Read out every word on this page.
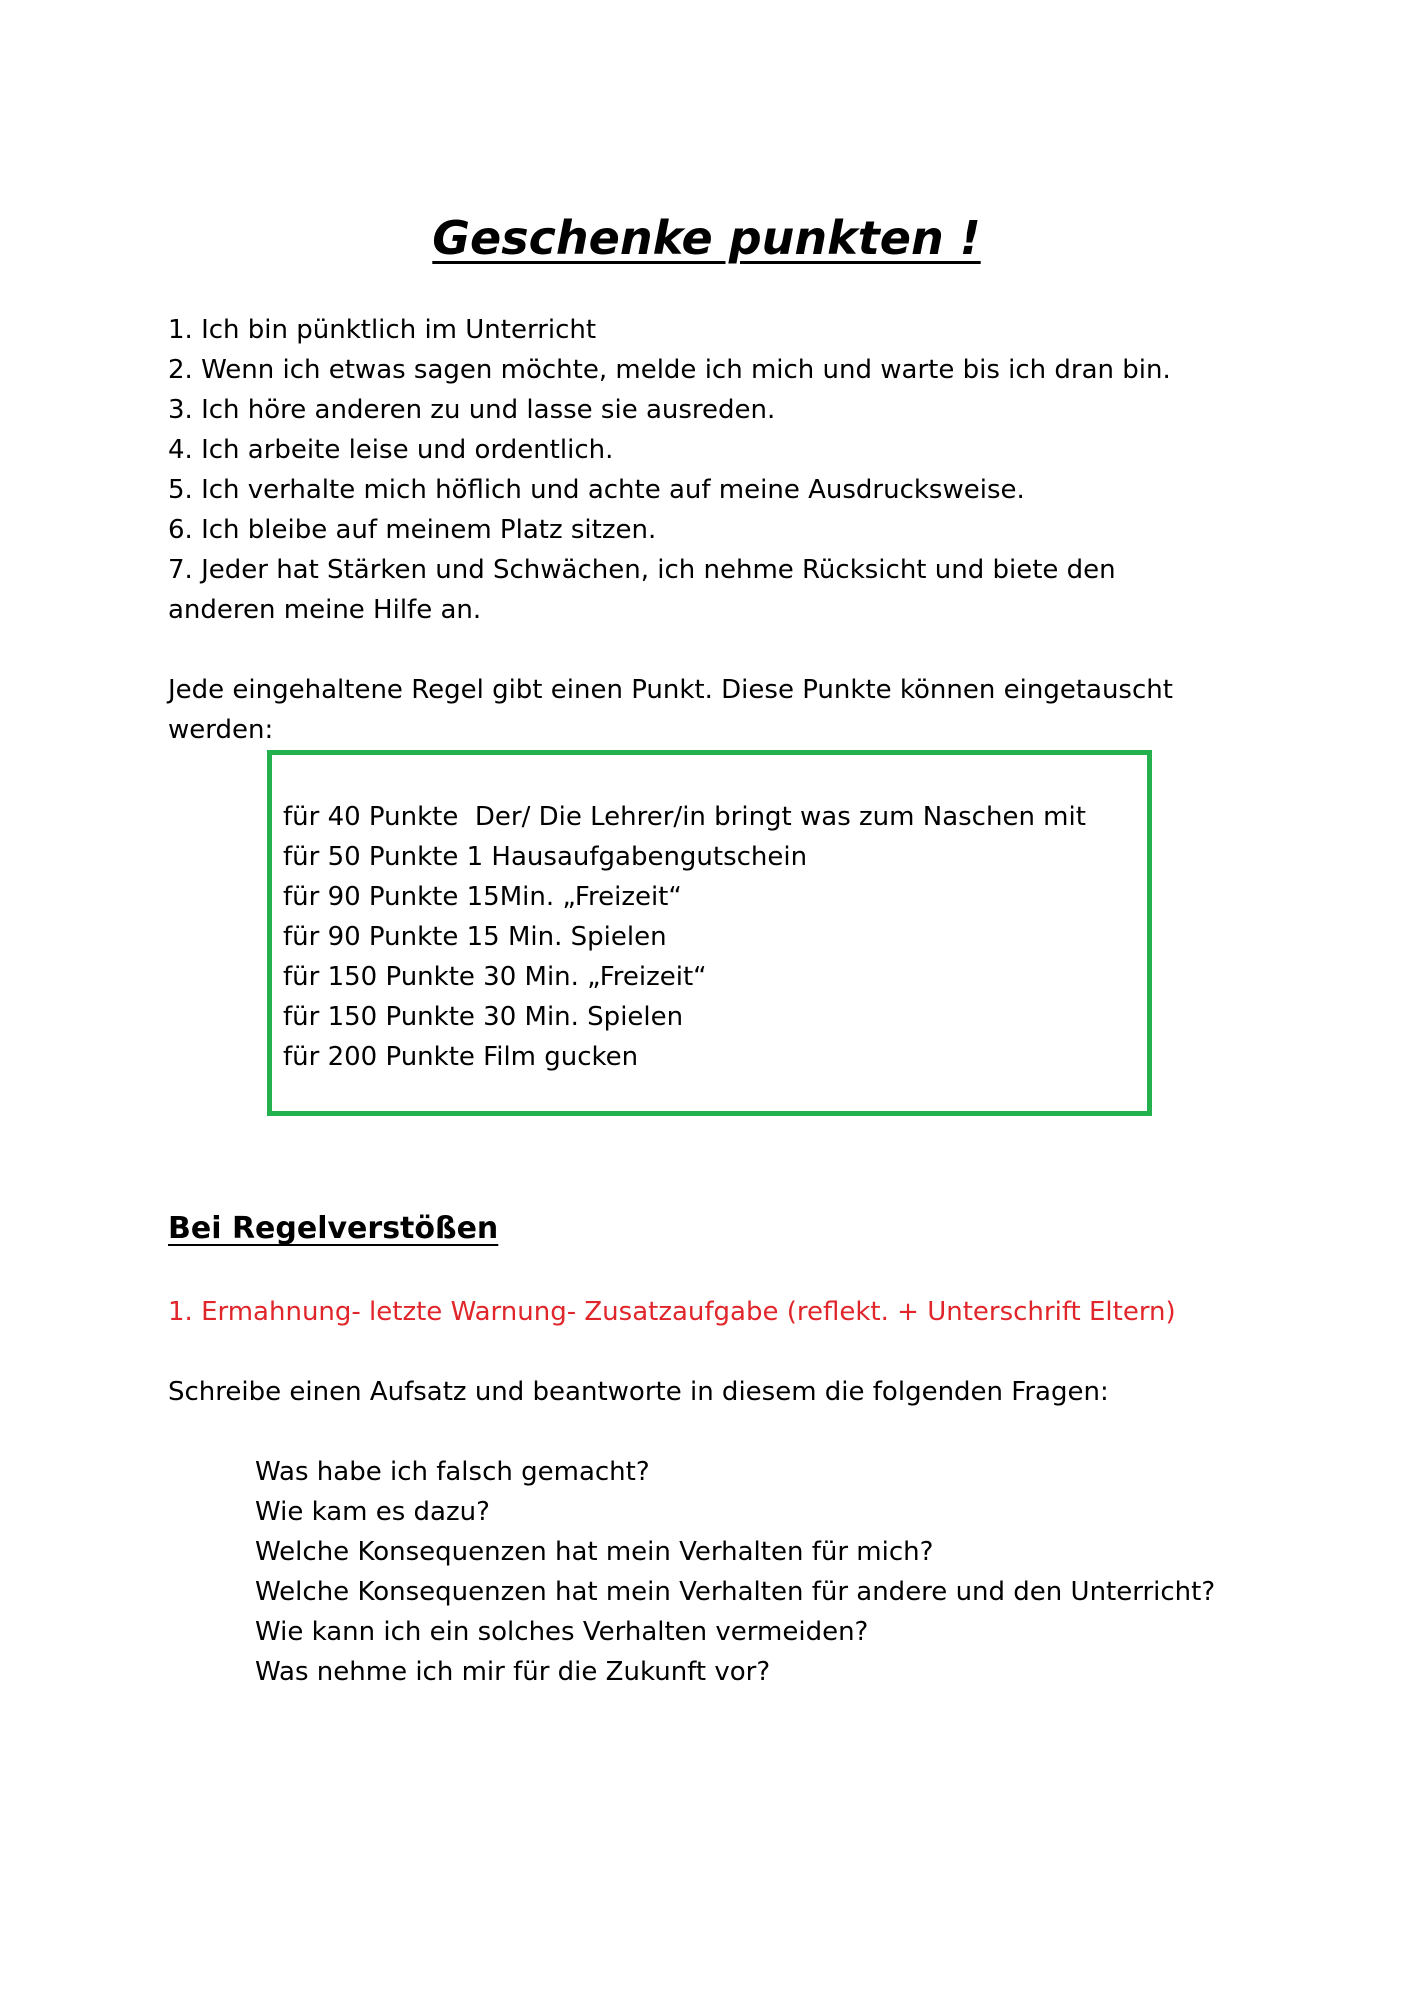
Geschenke punkten !
1. Ich bin pünktlich im Unterricht
2. Wenn ich etwas sagen möchte, melde ich mich und warte bis ich dran bin.
3. Ich höre anderen zu und lasse sie ausreden.
4. Ich arbeite leise und ordentlich.
5. Ich verhalte mich höflich und achte auf meine Ausdrucksweise.
6. Ich bleibe auf meinem Platz sitzen.
7. Jeder hat Stärken und Schwächen, ich nehme Rücksicht und biete den
anderen meine Hilfe an.
Jede eingehaltene Regel gibt einen Punkt. Diese Punkte können eingetauscht
werden:
für 40 Punkte  Der/ Die Lehrer/in bringt was zum Naschen mit
für 50 Punkte 1 Hausaufgabengutschein
für 90 Punkte 15Min. „Freizeit“
für 90 Punkte 15 Min. Spielen
für 150 Punkte 30 Min. „Freizeit“
für 150 Punkte 30 Min. Spielen
für 200 Punkte Film gucken
Bei Regelverstößen
1. Ermahnung- letzte Warnung- Zusatzaufgabe (reflekt. + Unterschrift Eltern)
Schreibe einen Aufsatz und beantworte in diesem die folgenden Fragen:
Was habe ich falsch gemacht?
Wie kam es dazu?
Welche Konsequenzen hat mein Verhalten für mich?
Welche Konsequenzen hat mein Verhalten für andere und den Unterricht?
Wie kann ich ein solches Verhalten vermeiden?
Was nehme ich mir für die Zukunft vor?
